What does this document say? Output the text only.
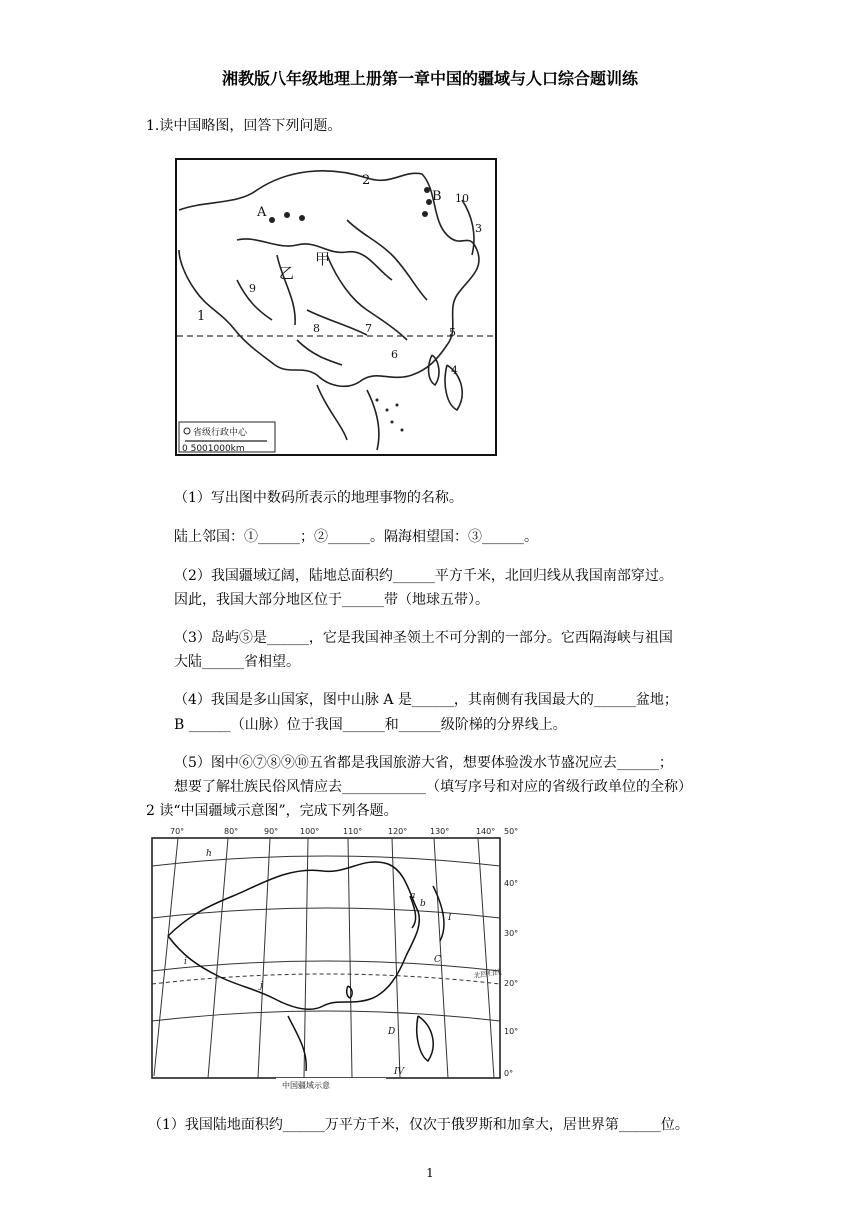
湘教版八年级地理上册第一章中国的疆域与人口综合题训练
1.读中国略图，回答下列问题。
2
B 10
A
3
甲
乙
9
1
8	7	5
6
4
省级行政中心
0 5001000km
（1）写出图中数码所表示的地理事物的名称。
陆上邻国：①______；②______。隔海相望国：③______。
（2）我国疆域辽阔，陆地总面积约______平方千米，北回归线从我国南部穿过。
因此，我国大部分地区位于______带（地球五带）。
（3）岛屿⑤是______，它是我国神圣领土不可分割的一部分。它西隔海峡与祖国
大陆______省相望。
（4）我国是多山国家，图中山脉 A 是______，其南侧有我国最大的______盆地；
B ______（山脉）位于我国______和______级阶梯的分界线上。
（5）图中⑥⑦⑧⑨⑩五省都是我国旅游大省，想要体验泼水节盛况应去______；
想要了解壮族民俗风情应去____________（填写序号和对应的省级行政单位的全称）
2 读“中国疆域示意图”，完成下列各题。
70°	80°	90°	100°	110°	120°	130°	140° 50°
40°
30°
20°
10°
0°
h
b
a
i
j
I
C
D
IV
北回归线
中国疆域示意
（1）我国陆地面积约______万平方千米，仅次于俄罗斯和加拿大，居世界第______位。
1
